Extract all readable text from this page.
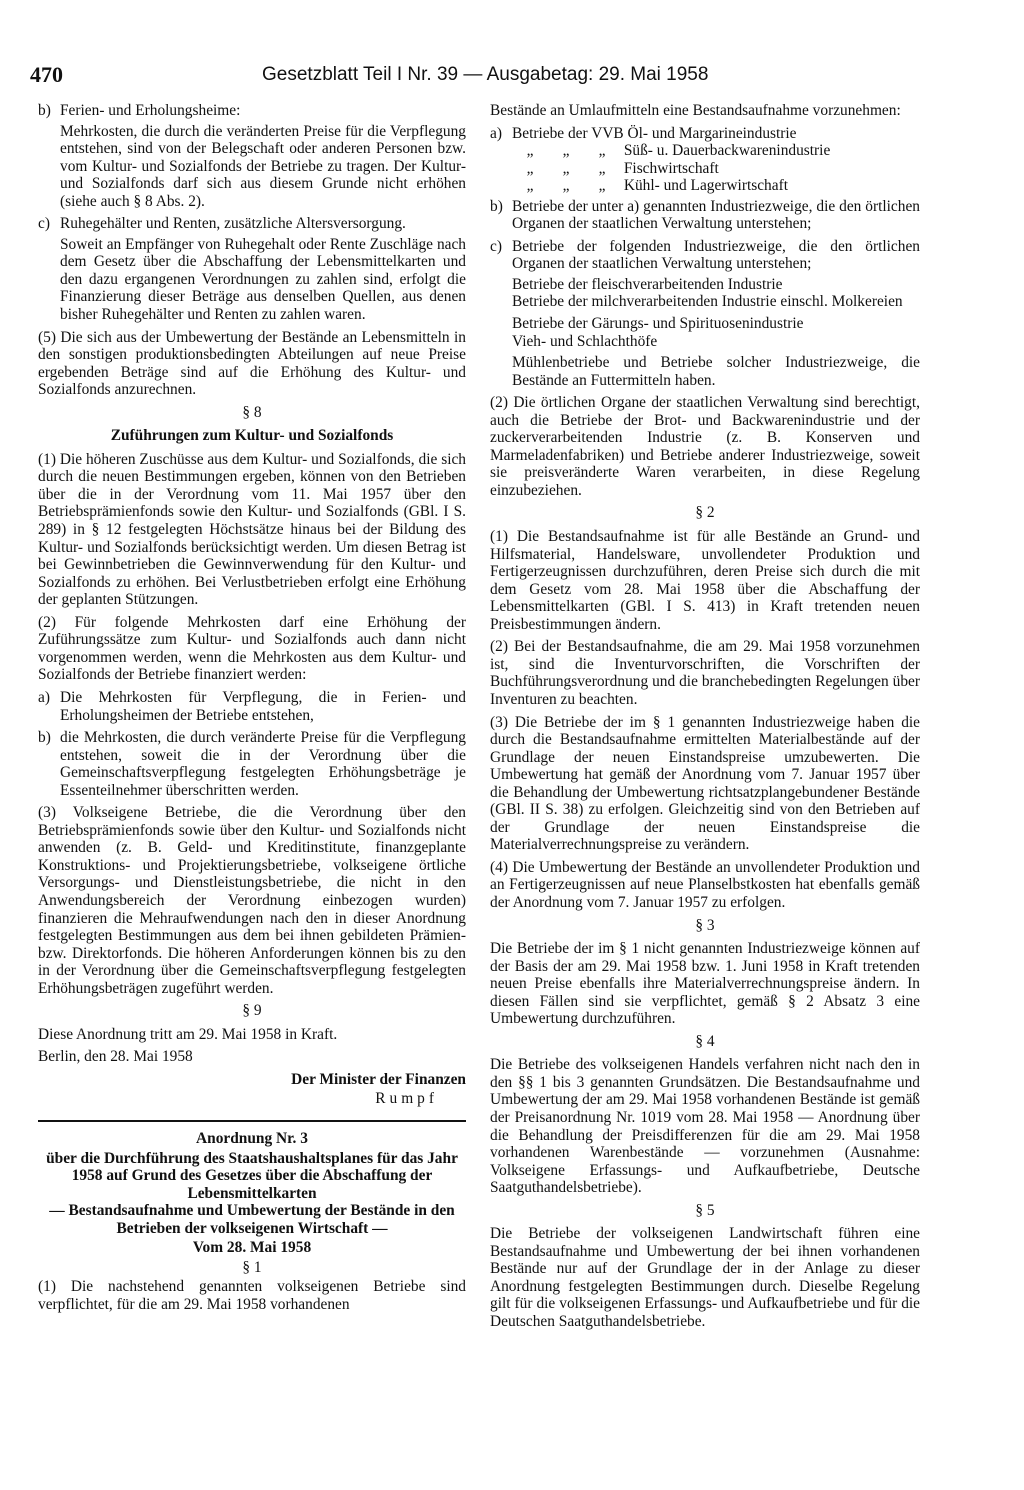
470	Gesetzblatt Teil I Nr. 39 — Ausgabetag: 29. Mai 1958
b) Ferien- und Erholungsheime:

Mehrkosten, die durch die veränderten Preise für die Verpflegung entstehen, sind von der Belegschaft oder anderen Personen bzw. vom Kultur- und Sozialfonds der Betriebe zu tragen. Der Kultur- und Sozialfonds darf sich aus diesem Grunde nicht erhöhen (siehe auch § 8 Abs. 2).

c) Ruhegehälter und Renten, zusätzliche Altersversorgung.

Soweit an Empfänger von Ruhegehalt oder Rente Zuschläge nach dem Gesetz über die Abschaffung der Lebensmittelkarten und den dazu ergangenen Verordnungen zu zahlen sind, erfolgt die Finanzierung dieser Beträge aus denselben Quellen, aus denen bisher Ruhegehälter und Renten zu zahlen waren.

(5) Die sich aus der Umbewertung der Bestände an Lebensmitteln in den sonstigen produktionsbedingten Abteilungen auf neue Preise ergebenden Beträge sind auf die Erhöhung des Kultur- und Sozialfonds anzurechnen.

§ 8
Zuführungen zum Kultur- und Sozialfonds

(1) Die höheren Zuschüsse aus dem Kultur- und Sozialfonds, die sich durch die neuen Bestimmungen ergeben, können von den Betrieben über die in der Verordnung vom 11. Mai 1957 über den Betriebsprämienfonds sowie den Kultur- und Sozialfonds (GBl. I S. 289) in § 12 festgelegten Höchstsätze hinaus bei der Bildung des Kultur- und Sozialfonds berücksichtigt werden. Um diesen Betrag ist bei Gewinnbetrieben die Gewinnverwendung für den Kultur- und Sozialfonds zu erhöhen. Bei Verlustbetrieben erfolgt eine Erhöhung der geplanten Stützungen.

(2) Für folgende Mehrkosten darf eine Erhöhung der Zuführungssätze zum Kultur- und Sozialfonds auch dann nicht vorgenommen werden, wenn die Mehrkosten aus dem Kultur- und Sozialfonds der Betriebe finanziert werden:

a) Die Mehrkosten für Verpflegung, die in Ferien- und Erholungsheimen der Betriebe entstehen,

b) die Mehrkosten, die durch veränderte Preise für die Verpflegung entstehen, soweit die in der Verordnung über die Gemeinschaftsverpflegung festgelegten Erhöhungsbeträge je Essenteilnehmer überschritten werden.

(3) Volkseigene Betriebe, die die Verordnung über den Betriebsprämienfonds sowie über den Kultur- und Sozialfonds nicht anwenden (z. B. Geld- und Kreditinstitute, finanzgeplante Konstruktions- und Projektierungsbetriebe, volkseigene örtliche Versorgungs- und Dienstleistungsbetriebe, die nicht in den Anwendungsbereich der Verordnung einbezogen wurden) finanzieren die Mehraufwendungen nach den in dieser Anordnung festgelegten Bestimmungen aus dem bei ihnen gebildeten Prämien- bzw. Direktorfonds. Die höheren Anforderungen können bis zu den in der Verordnung über die Gemeinschaftsverpflegung festgelegten Erhöhungsbeträgen zugeführt werden.

§ 9

Diese Anordnung tritt am 29. Mai 1958 in Kraft.

Berlin, den 28. Mai 1958

Der Minister der Finanzen
Rumpf
Anordnung Nr. 3
über die Durchführung des Staatshaushaltsplanes für das Jahr 1958 auf Grund des Gesetzes über die Abschaffung der Lebensmittelkarten
— Bestandsaufnahme und Umbewertung der Bestände in den Betrieben der volkseigenen Wirtschaft —
Vom 28. Mai 1958
§ 1

(1) Die nachstehend genannten volkseigenen Betriebe sind verpflichtet, für die am 29. Mai 1958 vorhandenen

Bestände an Umlaufmitteln eine Bestandsaufnahme vorzunehmen:

a) Betriebe der VVB Öl- und Margarineindustrie
„ „ „ Süß- u. Dauerbackwarenindustrie
„ „ „ Fischwirtschaft
„ „ „ Kühl- und Lagerwirtschaft
b) Betriebe der unter a) genannten Industriezweige, die den örtlichen Organen der staatlichen Verwaltung unterstehen;

c) Betriebe der folgenden Industriezweige, die den örtlichen Organen der staatlichen Verwaltung unterstehen;

Betriebe der fleischverarbeitenden Industrie
Betriebe der milchverarbeitenden Industrie einschl. Molkereien
Betriebe der Gärungs- und Spirituosenindustrie
Vieh- und Schlachthöfe
Mühlenbetriebe und Betriebe solcher Industriezweige, die Bestände an Futtermitteln haben.

(2) Die örtlichen Organe der staatlichen Verwaltung sind berechtigt, auch die Betriebe der Brot- und Backwarenindustrie und der zuckerverarbeitenden Industrie (z. B. Konserven und Marmeladenfabriken) und Betriebe anderer Industriezweige, soweit sie preisveränderte Waren verarbeiten, in diese Regelung einzubeziehen.

§ 2

(1) Die Bestandsaufnahme ist für alle Bestände an Grund- und Hilfsmaterial, Handelsware, unvollendeter Produktion und Fertigerzeugnissen durchzuführen, deren Preise sich durch die mit dem Gesetz vom 28. Mai 1958 über die Abschaffung der Lebensmittelkarten (GBl. I S. 413) in Kraft tretenden neuen Preisbestimmungen ändern.

(2) Bei der Bestandsaufnahme, die am 29. Mai 1958 vorzunehmen ist, sind die Inventurvorschriften, die Vorschriften der Buchführungsverordnung und die branchebedingten Regelungen über Inventuren zu beachten.

(3) Die Betriebe der im § 1 genannten Industriezweige haben die durch die Bestandsaufnahme ermittelten Materialbestände auf der Grundlage der neuen Einstandspreise umzubewerten. Die Umbewertung hat gemäß der Anordnung vom 7. Januar 1957 über die Behandlung der Umbewertung richtsatzplangebundener Bestände (GBl. II S. 38) zu erfolgen. Gleichzeitig sind von den Betrieben auf der Grundlage der neuen Einstandspreise die Materialverrechnungspreise zu verändern.

(4) Die Umbewertung der Bestände an unvollendeter Produktion und an Fertigerzeugnissen auf neue Planselbstkosten hat ebenfalls gemäß der Anordnung vom 7. Januar 1957 zu erfolgen.

§ 3

Die Betriebe der im § 1 nicht genannten Industriezweige können auf der Basis der am 29. Mai 1958 bzw. 1. Juni 1958 in Kraft tretenden neuen Preise ebenfalls ihre Materialverrechnungspreise ändern. In diesen Fällen sind sie verpflichtet, gemäß § 2 Absatz 3 eine Umbewertung durchzuführen.

§ 4

Die Betriebe des volkseigenen Handels verfahren nicht nach den in den §§ 1 bis 3 genannten Grundsätzen. Die Bestandsaufnahme und Umbewertung der am 29. Mai 1958 vorhandenen Bestände ist gemäß der Preisanordnung Nr. 1019 vom 28. Mai 1958 — Anordnung über die Behandlung der Preisdifferenzen für die am 29. Mai 1958 vorhandenen Warenbestände — vorzunehmen (Ausnahme: Volkseigene Erfassungs- und Aufkaufbetriebe, Deutsche Saatguthandelsbetriebe).

§ 5

Die Betriebe der volkseigenen Landwirtschaft führen eine Bestandsaufnahme und Umbewertung der bei ihnen vorhandenen Bestände nur auf der Grundlage der in der Anlage zu dieser Anordnung festgelegten Bestimmungen durch. Dieselbe Regelung gilt für die volkseigenen Erfassungs- und Aufkaufbetriebe und für die Deutschen Saatguthandelsbetriebe.
